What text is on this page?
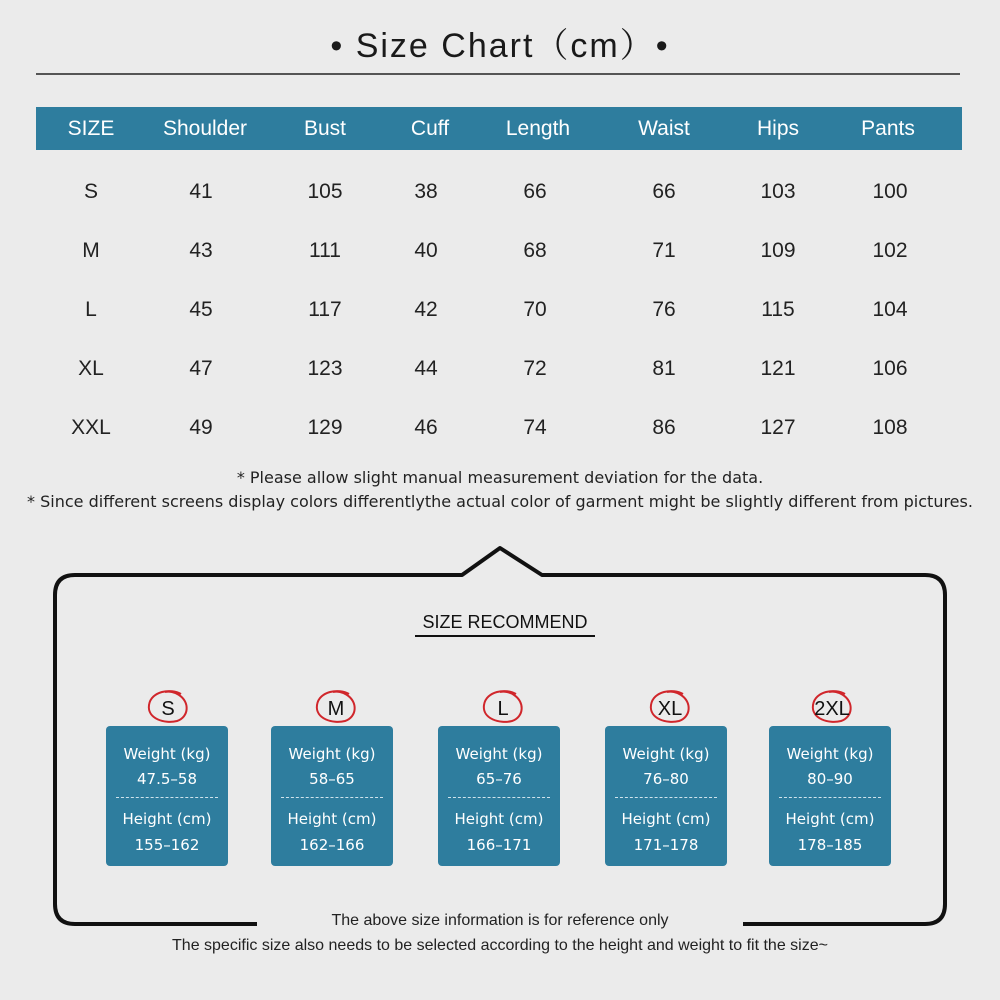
• Size Chart（cm）•
SIZE	Shoulder	Bust	Cuff	Length	Waist	Hips	Pants
S	41	105	38	66	66	103	100
M	43	111	40	68	71	109	102
L	45	117	42	70	76	115	104
XL	47	123	44	72	81	121	106
XXL	49	129	46	74	86	127	108
* Please allow slight manual measurement deviation for the data.
* Since different screens display colors differentlythe actual color of garment might be slightly different from pictures.
SIZE RECOMMEND
S	M	L	XL	2XL
Weight (kg)
47.5–58
Height (cm)
155–162
Weight (kg)
58–65
Height (cm)
162–166
Weight (kg)
65–76
Height (cm)
166–171
Weight (kg)
76–80
Height (cm)
171–178
Weight (kg)
80–90
Height (cm)
178–185
The above size information is for reference only
The specific size also needs to be selected according to the height and weight to fit the size~
